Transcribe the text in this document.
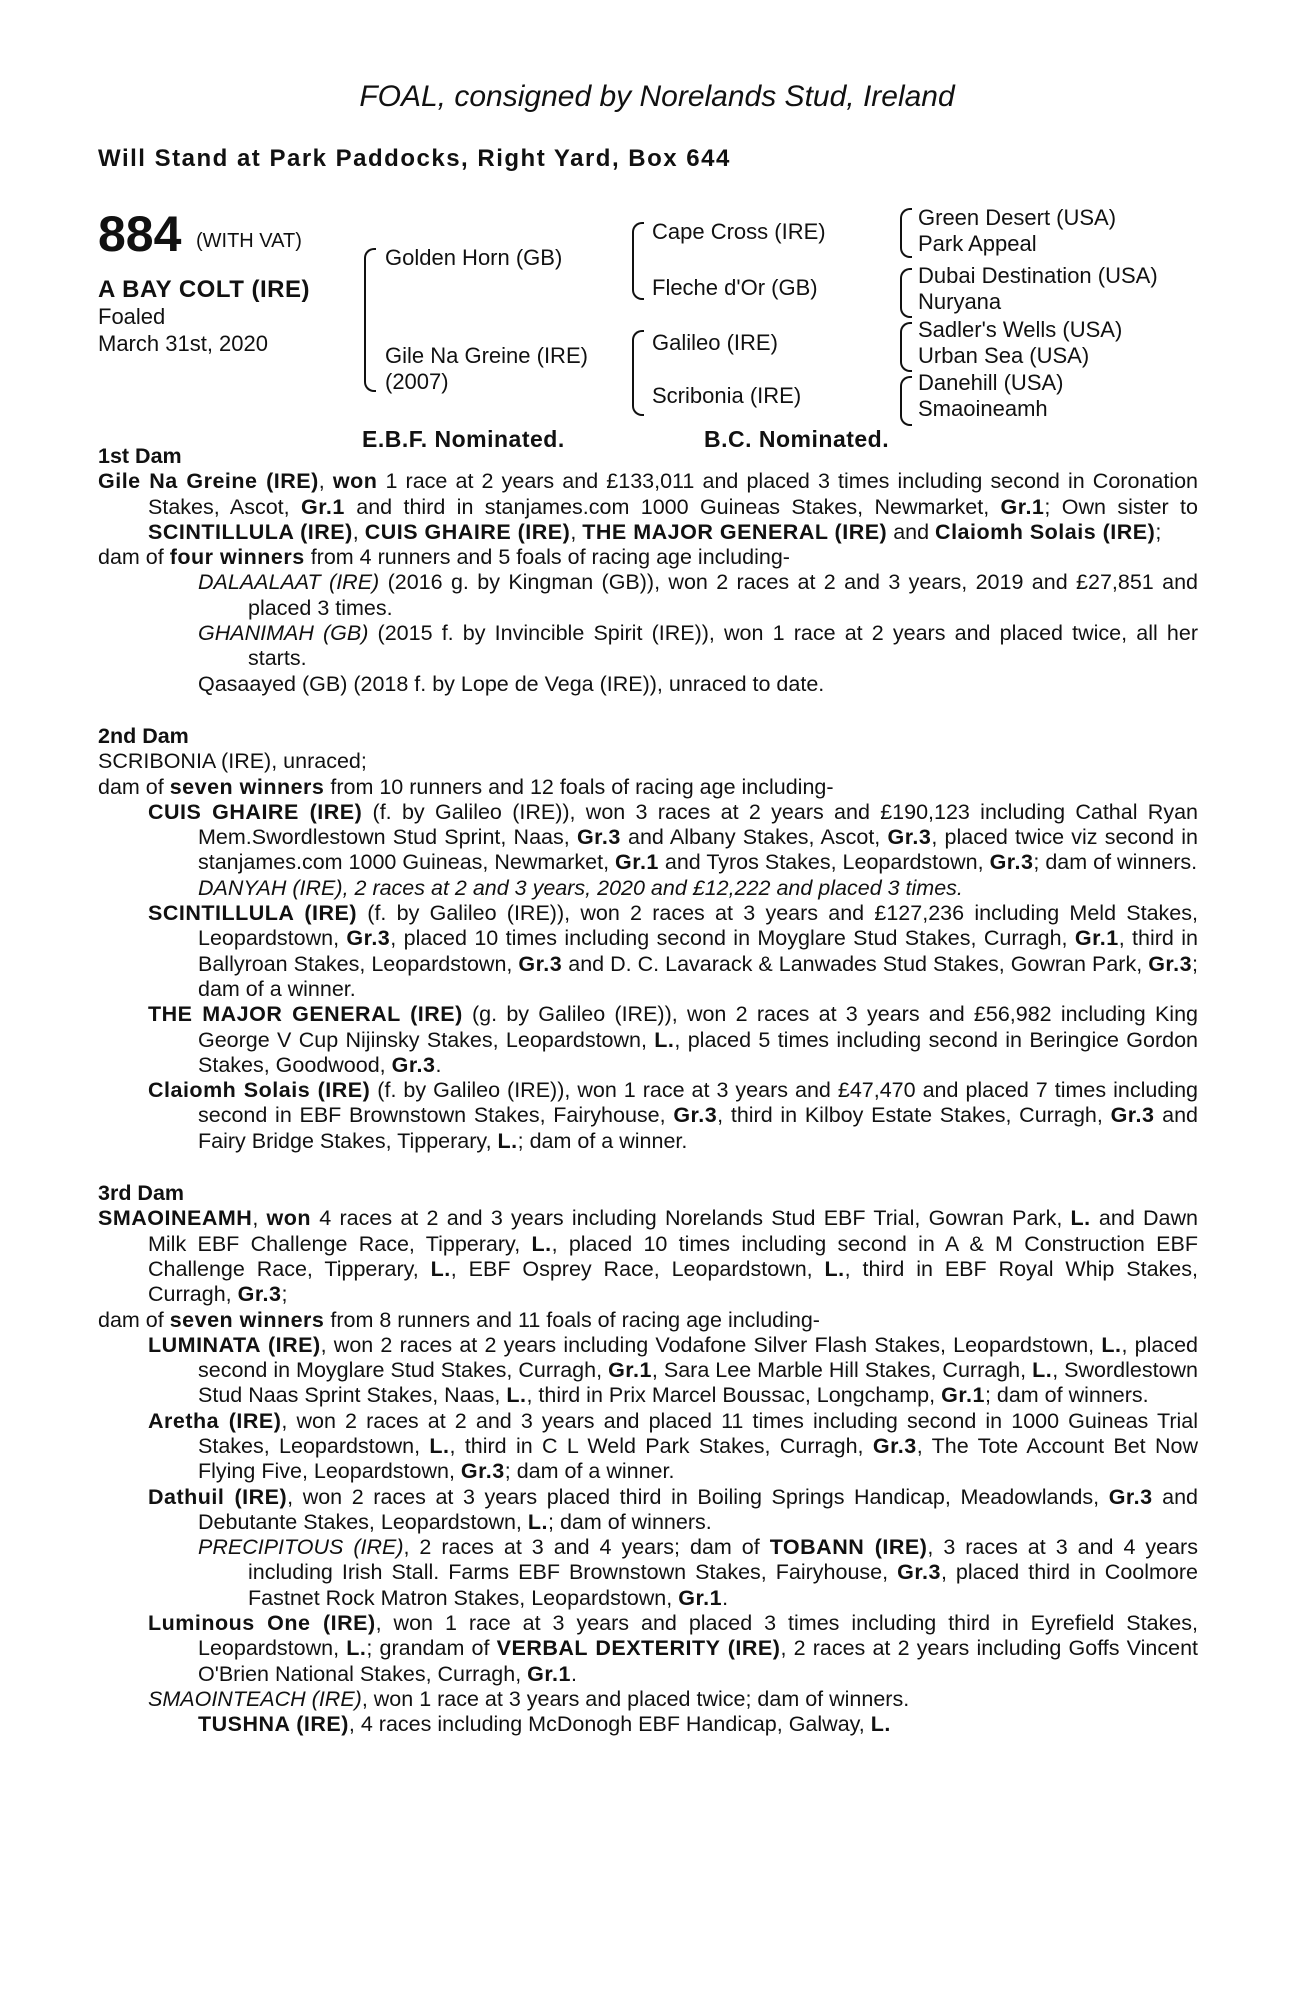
FOAL, consigned by Norelands Stud, Ireland
Will Stand at Park Paddocks, Right Yard, Box 644
884 (WITH VAT)
A BAY COLT (IRE)
Foaled
March 31st, 2020
Golden Horn (GB)
Gile Na Greine (IRE)
(2007)
Cape Cross (IRE)
Fleche d'Or (GB)
Galileo (IRE)
Scribonia (IRE)
Green Desert (USA)
Park Appeal
Dubai Destination (USA)
Nuryana
Sadler's Wells (USA)
Urban Sea (USA)
Danehill (USA)
Smaoineamh
E.B.F. Nominated.	B.C. Nominated.

1st Dam

Gile Na Greine (IRE), won 1 race at 2 years and £133,011 and placed 3 times including second in Coronation Stakes, Ascot, Gr.1 and third in stanjames.com 1000 Guineas Stakes, Newmarket, Gr.1; Own sister to SCINTILLULA (IRE), CUIS GHAIRE (IRE), THE MAJOR GENERAL (IRE) and Claiomh Solais (IRE);

dam of four winners from 4 runners and 5 foals of racing age including-

DALAALAAT (IRE) (2016 g. by Kingman (GB)), won 2 races at 2 and 3 years, 2019 and £27,851 and placed 3 times.

GHANIMAH (GB) (2015 f. by Invincible Spirit (IRE)), won 1 race at 2 years and placed twice, all her starts.

Qasaayed (GB) (2018 f. by Lope de Vega (IRE)), unraced to date.

2nd Dam

SCRIBONIA (IRE), unraced;

dam of seven winners from 10 runners and 12 foals of racing age including-

CUIS GHAIRE (IRE) (f. by Galileo (IRE)), won 3 races at 2 years and £190,123 including Cathal Ryan Mem.Swordlestown Stud Sprint, Naas, Gr.3 and Albany Stakes, Ascot, Gr.3, placed twice viz second in stanjames.com 1000 Guineas, Newmarket, Gr.1 and Tyros Stakes, Leopardstown, Gr.3; dam of winners.

DANYAH (IRE), 2 races at 2 and 3 years, 2020 and £12,222 and placed 3 times.

SCINTILLULA (IRE) (f. by Galileo (IRE)), won 2 races at 3 years and £127,236 including Meld Stakes, Leopardstown, Gr.3, placed 10 times including second in Moyglare Stud Stakes, Curragh, Gr.1, third in Ballyroan Stakes, Leopardstown, Gr.3 and D. C. Lavarack & Lanwades Stud Stakes, Gowran Park, Gr.3; dam of a winner.

THE MAJOR GENERAL (IRE) (g. by Galileo (IRE)), won 2 races at 3 years and £56,982 including King George V Cup Nijinsky Stakes, Leopardstown, L., placed 5 times including second in Beringice Gordon Stakes, Goodwood, Gr.3.

Claiomh Solais (IRE) (f. by Galileo (IRE)), won 1 race at 3 years and £47,470 and placed 7 times including second in EBF Brownstown Stakes, Fairyhouse, Gr.3, third in Kilboy Estate Stakes, Curragh, Gr.3 and Fairy Bridge Stakes, Tipperary, L.; dam of a winner.

3rd Dam

SMAOINEAMH, won 4 races at 2 and 3 years including Norelands Stud EBF Trial, Gowran Park, L. and Dawn Milk EBF Challenge Race, Tipperary, L., placed 10 times including second in A & M Construction EBF Challenge Race, Tipperary, L., EBF Osprey Race, Leopardstown, L., third in EBF Royal Whip Stakes, Curragh, Gr.3;

dam of seven winners from 8 runners and 11 foals of racing age including-

LUMINATA (IRE), won 2 races at 2 years including Vodafone Silver Flash Stakes, Leopardstown, L., placed second in Moyglare Stud Stakes, Curragh, Gr.1, Sara Lee Marble Hill Stakes, Curragh, L., Swordlestown Stud Naas Sprint Stakes, Naas, L., third in Prix Marcel Boussac, Longchamp, Gr.1; dam of winners.

Aretha (IRE), won 2 races at 2 and 3 years and placed 11 times including second in 1000 Guineas Trial Stakes, Leopardstown, L., third in C L Weld Park Stakes, Curragh, Gr.3, The Tote Account Bet Now Flying Five, Leopardstown, Gr.3; dam of a winner.

Dathuil (IRE), won 2 races at 3 years placed third in Boiling Springs Handicap, Meadowlands, Gr.3 and Debutante Stakes, Leopardstown, L.; dam of winners.

PRECIPITOUS (IRE), 2 races at 3 and 4 years; dam of TOBANN (IRE), 3 races at 3 and 4 years including Irish Stall. Farms EBF Brownstown Stakes, Fairyhouse, Gr.3, placed third in Coolmore Fastnet Rock Matron Stakes, Leopardstown, Gr.1.

Luminous One (IRE), won 1 race at 3 years and placed 3 times including third in Eyrefield Stakes, Leopardstown, L.; grandam of VERBAL DEXTERITY (IRE), 2 races at 2 years including Goffs Vincent O'Brien National Stakes, Curragh, Gr.1.

SMAOINTEACH (IRE), won 1 race at 3 years and placed twice; dam of winners.

TUSHNA (IRE), 4 races including McDonogh EBF Handicap, Galway, L.
